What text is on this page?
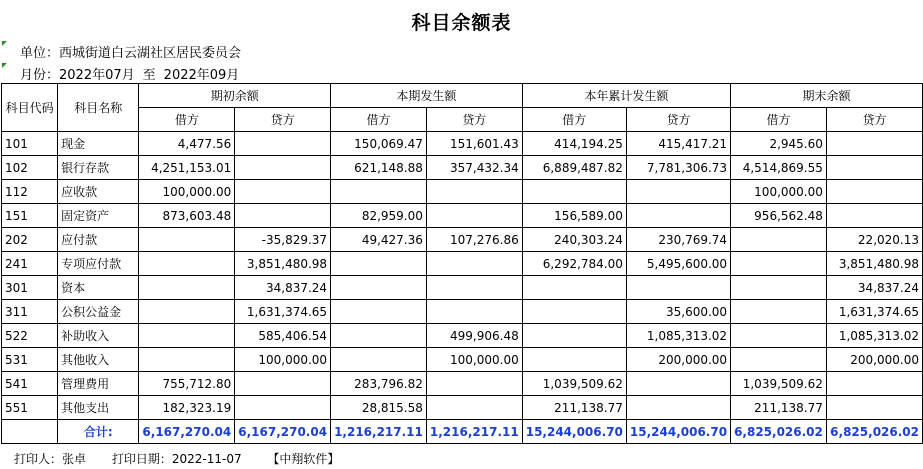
科目余额表
单位：西城街道白云湖社区居民委员会
月份：2022年07月 至 2022年09月
科目代码	科目名称	期初余额		本期发生额		本年累计发生额		期末余额	
		借方	贷方	借方	贷方	借方	贷方	借方	贷方
101	现金	4,477.56		150,069.47	151,601.43	414,194.25	415,417.21	2,945.60	
102	银行存款	4,251,153.01		621,148.88	357,432.34	6,889,487.82	7,781,306.73	4,514,869.55	
112	应收款	100,000.00						100,000.00	
151	固定资产	873,603.48		82,959.00		156,589.00		956,562.48	
202	应付款		-35,829.37	49,427.36	107,276.86	240,303.24	230,769.74		22,020.13
241	专项应付款		3,851,480.98			6,292,784.00	5,495,600.00		3,851,480.98
301	资本		34,837.24						34,837.24
311	公积公益金		1,631,374.65				35,600.00		1,631,374.65
522	补助收入		585,406.54		499,906.48		1,085,313.02		1,085,313.02
531	其他收入		100,000.00		100,000.00		200,000.00		200,000.00
541	管理费用	755,712.80		283,796.82		1,039,509.62		1,039,509.62	
551	其他支出	182,323.19		28,815.58		211,138.77		211,138.77	
	合计:	6,167,270.04	6,167,270.04	1,216,217.11	1,216,217.11	15,244,006.70	15,244,006.70	6,825,026.02	6,825,026.02
打印人：张卓 打印日期：2022-11-07 【中翔软件】
